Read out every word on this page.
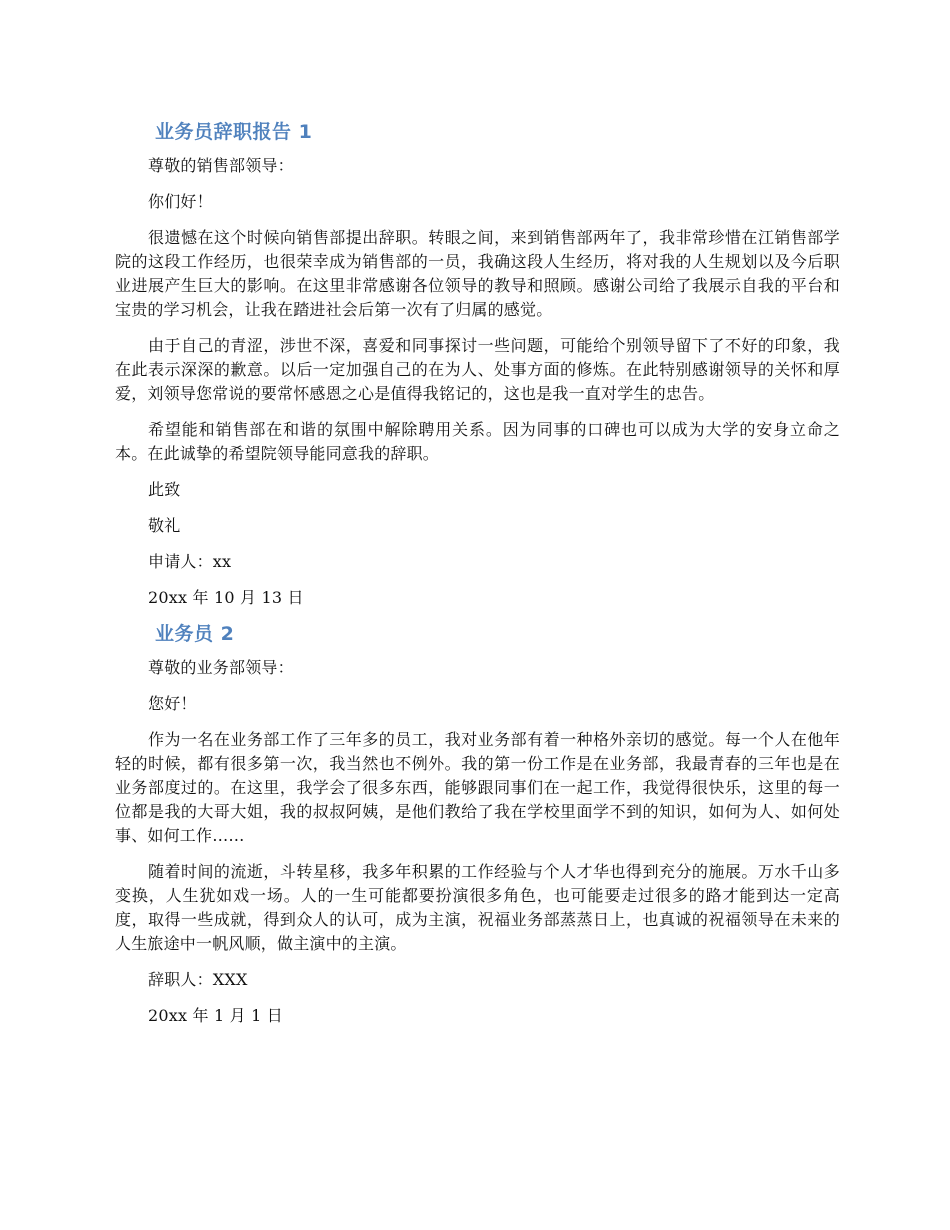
业务员辞职报告 1

尊敬的销售部领导：

你们好！

很遗憾在这个时候向销售部提出辞职。转眼之间，来到销售部两年了，我非常珍惜在江销售部学院的这段工作经历，也很荣幸成为销售部的一员，我确这段人生经历，将对我的人生规划以及今后职业进展产生巨大的影响。在这里非常感谢各位领导的教导和照顾。感谢公司给了我展示自我的平台和宝贵的学习机会，让我在踏进社会后第一次有了归属的感觉。

由于自己的青涩，涉世不深，喜爱和同事探讨一些问题，可能给个别领导留下了不好的印象，我在此表示深深的歉意。以后一定加强自己的在为人、处事方面的修炼。在此特别感谢领导的关怀和厚爱，刘领导您常说的要常怀感恩之心是值得我铭记的，这也是我一直对学生的忠告。

希望能和销售部在和谐的氛围中解除聘用关系。因为同事的口碑也可以成为大学的安身立命之本。在此诚挚的希望院领导能同意我的辞职。

此致

敬礼

申请人：xx

20xx 年 10 月 13 日

业务员 2

尊敬的业务部领导：

您好！

作为一名在业务部工作了三年多的员工，我对业务部有着一种格外亲切的感觉。每一个人在他年轻的时候，都有很多第一次，我当然也不例外。我的第一份工作是在业务部，我最青春的三年也是在业务部度过的。在这里，我学会了很多东西，能够跟同事们在一起工作，我觉得很快乐，这里的每一位都是我的大哥大姐，我的叔叔阿姨，是他们教给了我在学校里面学不到的知识，如何为人、如何处事、如何工作……

随着时间的流逝，斗转星移，我多年积累的工作经验与个人才华也得到充分的施展。万水千山多变换，人生犹如戏一场。人的一生可能都要扮演很多角色，也可能要走过很多的路才能到达一定高度，取得一些成就，得到众人的认可，成为主演，祝福业务部蒸蒸日上，也真诚的祝福领导在未来的人生旅途中一帆风顺，做主演中的主演。

辞职人：XXX

20xx 年 1 月 1 日
